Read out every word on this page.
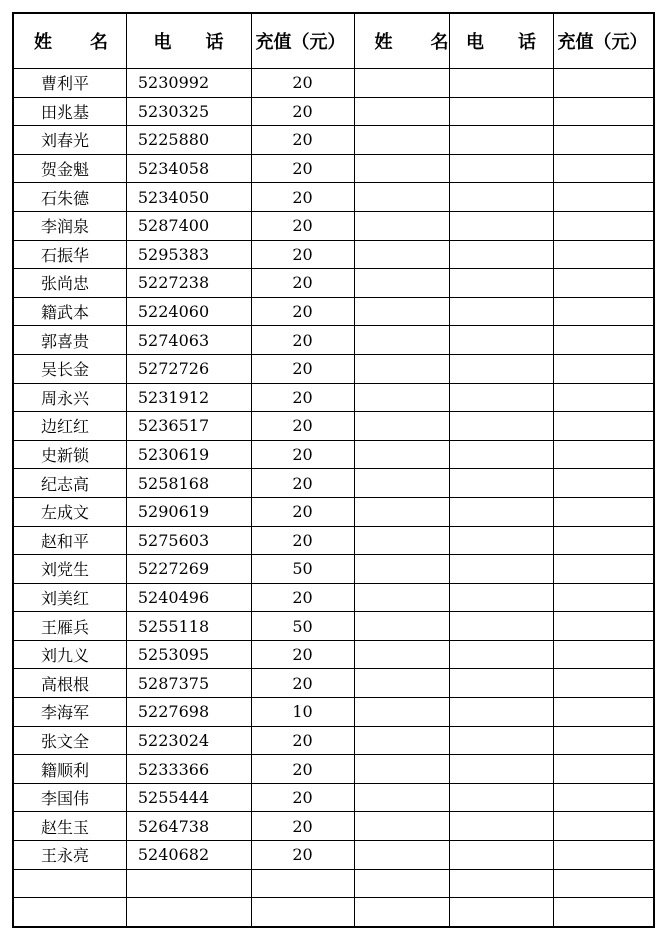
姓 名	电 话	充值（元）	姓 名	电 话	充值（元）
曹利平	5230992	20			
田兆基	5230325	20			
刘春光	5225880	20			
贺金魁	5234058	20			
石朱德	5234050	20			
李润泉	5287400	20			
石振华	5295383	20			
张尚忠	5227238	20			
籍武本	5224060	20			
郭喜贵	5274063	20			
吴长金	5272726	20			
周永兴	5231912	20			
边红红	5236517	20			
史新锁	5230619	20			
纪志高	5258168	20			
左成文	5290619	20			
赵和平	5275603	20			
刘党生	5227269	50			
刘美红	5240496	20			
王雁兵	5255118	50			
刘九义	5253095	20			
高根根	5287375	20			
李海军	5227698	10			
张文全	5223024	20			
籍顺利	5233366	20			
李国伟	5255444	20			
赵生玉	5264738	20			
王永亮	5240682	20			
